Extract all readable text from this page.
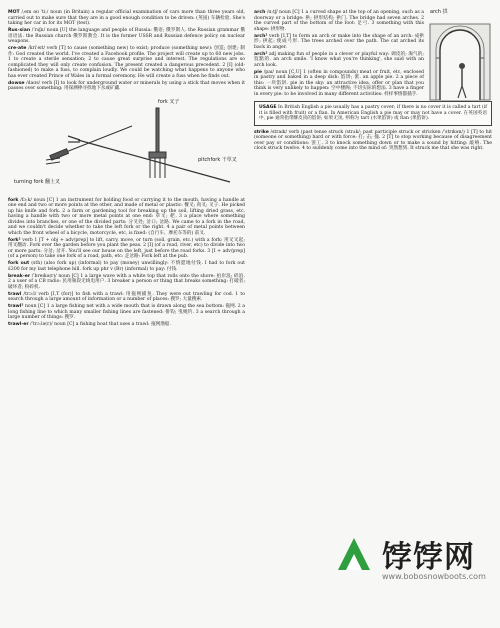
MOT /ˌem əʊ ˈtiː/ noun (in Britain) a regular official examination of cars more than three years old, carried out to make sure that they are in a good enough condition to be driven: (英国) 车辆检验. She's taking her car in for its MOT (test).
Rus-sian /ˈrʌʃn/ noun [U] the language and people of Russia: 俄语; 俄罗斯人. the Russian grammar 俄语语法. the Russian church 俄罗斯教会. It is the former USSR and Russian defence policy on nuclear weapons.
cre-ate /kriˈeɪt/ verb [T] to cause (something new) to exist; produce (something new): 创造; 创建; 制作: God created the world. I've created a Facebook profile. The project will create up to 60 new jobs. 1 to create a sterile sensation; 2 to cause great surprise and interest. The regulations are so complicated they will only create confusion. The present created a dangerous precedent. 2 [I] (old-fashioned) to make a fuss, to complain loudly. We could be watching what happens to anyone who has ever created Prince of Wales in a formal ceremony. He will create a fuss when he finds out.
dowse /daʊs/ verb [I] to look for underground water or minerals by using a stick that moves when it passes over something: 用探测棒寻找地下水或矿藏.
fork 叉子
pitchfork 干草叉
turning fork 翻土叉
fork /fɔːk/ noun [C] 1 an instrument for holding food or carrying it to the mouth, having a handle at one end and two or more points at the other, and made of metal or plastic: 餐叉; 肉叉; 叉子. He picked up his knife and fork. 2 a farm or gardening tool for breaking up the soil, lifting dried grass, etc, having a handle with two or more metal points at one end: 草叉; 耙. 3 a place where something divides into branches, or one of the divided parts: 分叉处; 岔口; 岔路. We came to a fork in the road, and we couldn't decide whether to take the left fork or the right. 4 a pair of metal points between which the front wheel of a bicycle, motorcycle, etc, is fixed: (自行车、摩托车等的) 前叉.
fork² verb 1 [T + obj + adv/prep] to lift, carry, move, or turn (soil, grain, etc.) with a fork: 用叉叉起; 用叉翻动. Fork over the garden before you plant the peas. 2 [I] (of a road, river, etc) to divide into two or more parts: 分岔; 岔开. You'll see our house on the left, just before the road forks. 3 [I + adv/prep] (of a person) to take one fork of a road, path, etc: 走岔路: Fork left at the pub.
fork out (sth) (also fork up) (informal) to pay (money) unwillingly: 不情愿地付钱. I had to fork out £200 for my last telephone bill. fork up phr v (Br) (informal) to pay: 付钱.
break-er /ˈbreɪkə(r)/ noun [C] 1 a large wave with a white top that rolls onto the shore: 拍岸浪; 碎浪. 2 a user of a CB radio: 民用频段无线电用户. 3 breaker a person or thing that breaks something: 打破者; 破坏者; 粉碎机.
trawl /trɔːl/ verb [I,T (for)] to fish with a trawl: 用拖网捕鱼. They were out trawling for cod. 1 to search through a large amount of information or a number of places: 搜罗; 大量搜索.
trawl² noun [C] 1 a large fishing net with a wide mouth that is drawn along the sea bottom: 拖网. 2 a long fishing line to which many smaller fishing lines are fastened: 排钩; 曳绳钓. 3 a search through a large number of things: 搜罗.
trawl-er /ˈtrɔːlə(r)/ noun [C] a fishing boat that uses a trawl: 拖网渔船.
arch 拱
arch /ɑːtʃ/ noun [C] 1 a curved shape at the top of an opening, such as a doorway or a bridge: 拱; 拱形结构; 拱门. The bridge had seven arches. 2 the curved part of the bottom of the foot: 足弓. 3 something with this shape: 拱形物.
arch² verb [I,T] to form an arch or make into the shape of an arch: 成拱形; 拱起; 使成弓形. The trees arched over the path. The cat arched its back in anger.
arch³ adj making fun of people in a clever or playful way: 调皮的; 淘气的; 狡黠的. an arch smile. 'I know what you're thinking', she said with an arch look.
pie /paɪ/ noun [C,U] 1 (often in compounds) meat or fruit, etc, enclosed in pastry and baked in a deep dish: 馅饼; 派. an apple pie. 2 a piece of this: 一块馅饼. pie in the sky: an attractive idea, offer or plan that you think is very unlikely to happen: 空中楼阁; 不切实际的想法. 3 have a finger in every pie: to be involved in many different activities: 样样事情都插手.
USAGE In British English a pie usually has a pastry cover; if there is no cover it is called a tart (if it is filled with fruit) or a flan. In American English a pie may or may not have a cover. 在英国英语中, pie 通常指带酥皮顶的馅饼; 如果无顶, 则称为 tart (水果馅饼) 或 flan (果馅饼).
strike /straɪk/ verb (past tense struck /strʌk/; past participle struck or stricken /ˈstrɪkən/) 1 [T] to hit (someone or something) hard or with force: 打; 击; 撞. 2 [T] to stop working because of disagreement over pay or conditions: 罢工. 3 to knock something down or to make a sound by hitting: 敲响. The clock struck twelve. 4 to suddenly come into the mind of: 突然想到. It struck me that she was right.
饽饽网
www.bobosnowboots.com
